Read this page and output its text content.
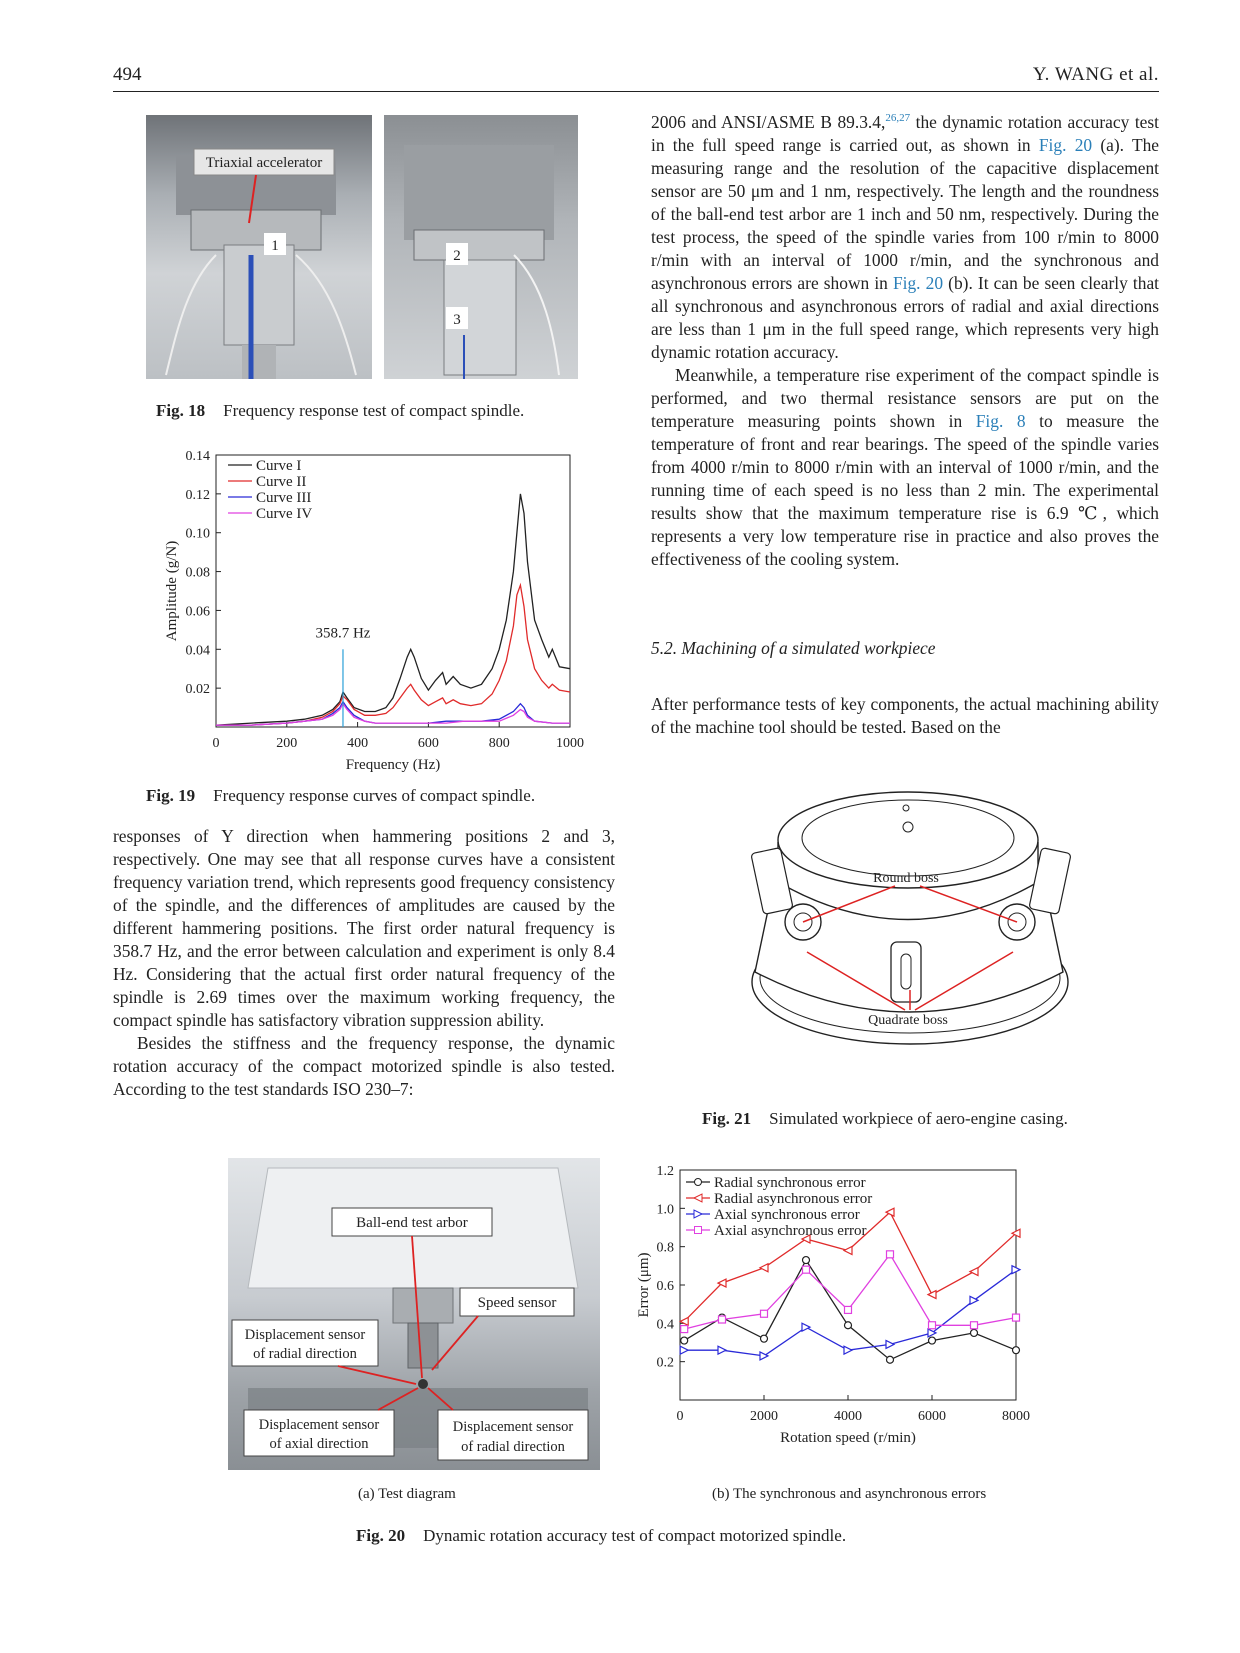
494	Y. WANG et al.
Triaxial accelerator
1
2
3
Fig. 18 Frequency response test of compact spindle.
0	200	400	600	800	1000
0.02
0.04
0.06
0.08
0.10
0.12
0.14
Frequency (Hz)
Amplitude (g/N)
Curve I
Curve II
Curve III
Curve IV
358.7 Hz
Fig. 19 Frequency response curves of compact spindle.

responses of Y direction when hammering positions 2 and 3, respectively. One may see that all response curves have a consistent frequency variation trend, which represents good frequency consistency of the spindle, and the differences of amplitudes are caused by the different hammering positions. The first order natural frequency is 358.7 Hz, and the error between calculation and experiment is only 8.4 Hz. Considering that the actual first order natural frequency of the spindle is 2.69 times over the maximum working frequency, the compact spindle has satisfactory vibration suppression ability.

Besides the stiffness and the frequency response, the dynamic rotation accuracy of the compact motorized spindle is also tested. According to the test standards ISO 230–7:

2006 and ANSI/ASME B 89.3.4,$^{26,27}$ the dynamic rotation accuracy test in the full speed range is carried out, as shown in Fig. 20 (a). The measuring range and the resolution of the capacitive displacement sensor are 50 μm and 1 nm, respectively. The length and the roundness of the ball-end test arbor are 1 inch and 50 nm, respectively. During the test process, the speed of the spindle varies from 100 r/min to 8000 r/min with an interval of 1000 r/min, and the synchronous and asynchronous errors are shown in Fig. 20 (b). It can be seen clearly that all synchronous and asynchronous errors of radial and axial directions are less than 1 μm in the full speed range, which represents very high dynamic rotation accuracy.

Meanwhile, a temperature rise experiment of the compact spindle is performed, and two thermal resistance sensors are put on the temperature measuring points shown in Fig. 8 to measure the temperature of front and rear bearings. The speed of the spindle varies from 4000 r/min to 8000 r/min with an interval of 1000 r/min, and the running time of each speed is no less than 2 min. The experimental results show that the maximum temperature rise is 6.9 ℃, which represents a very low temperature rise in practice and also proves the effectiveness of the cooling system.

5.2. Machining of a simulated workpiece

After performance tests of key components, the actual machining ability of the machine tool should be tested. Based on the

Round boss
Quadrate boss
Fig. 21 Simulated workpiece of aero-engine casing.
Ball-end test arbor
Speed sensor
Displacement sensor
of radial direction
Displacement sensor
of axial direction
Displacement sensor
of radial direction
(a) Test diagram
0	2000	4000	6000	8000
0.2
0.4
0.6
0.8
1.0
1.2
Rotation speed (r/min)
Error (μm)
Radial synchronous error
Radial asynchronous error
Axial synchronous error
Axial asynchronous error
(b) The synchronous and asynchronous errors
Fig. 20 Dynamic rotation accuracy test of compact motorized spindle.
